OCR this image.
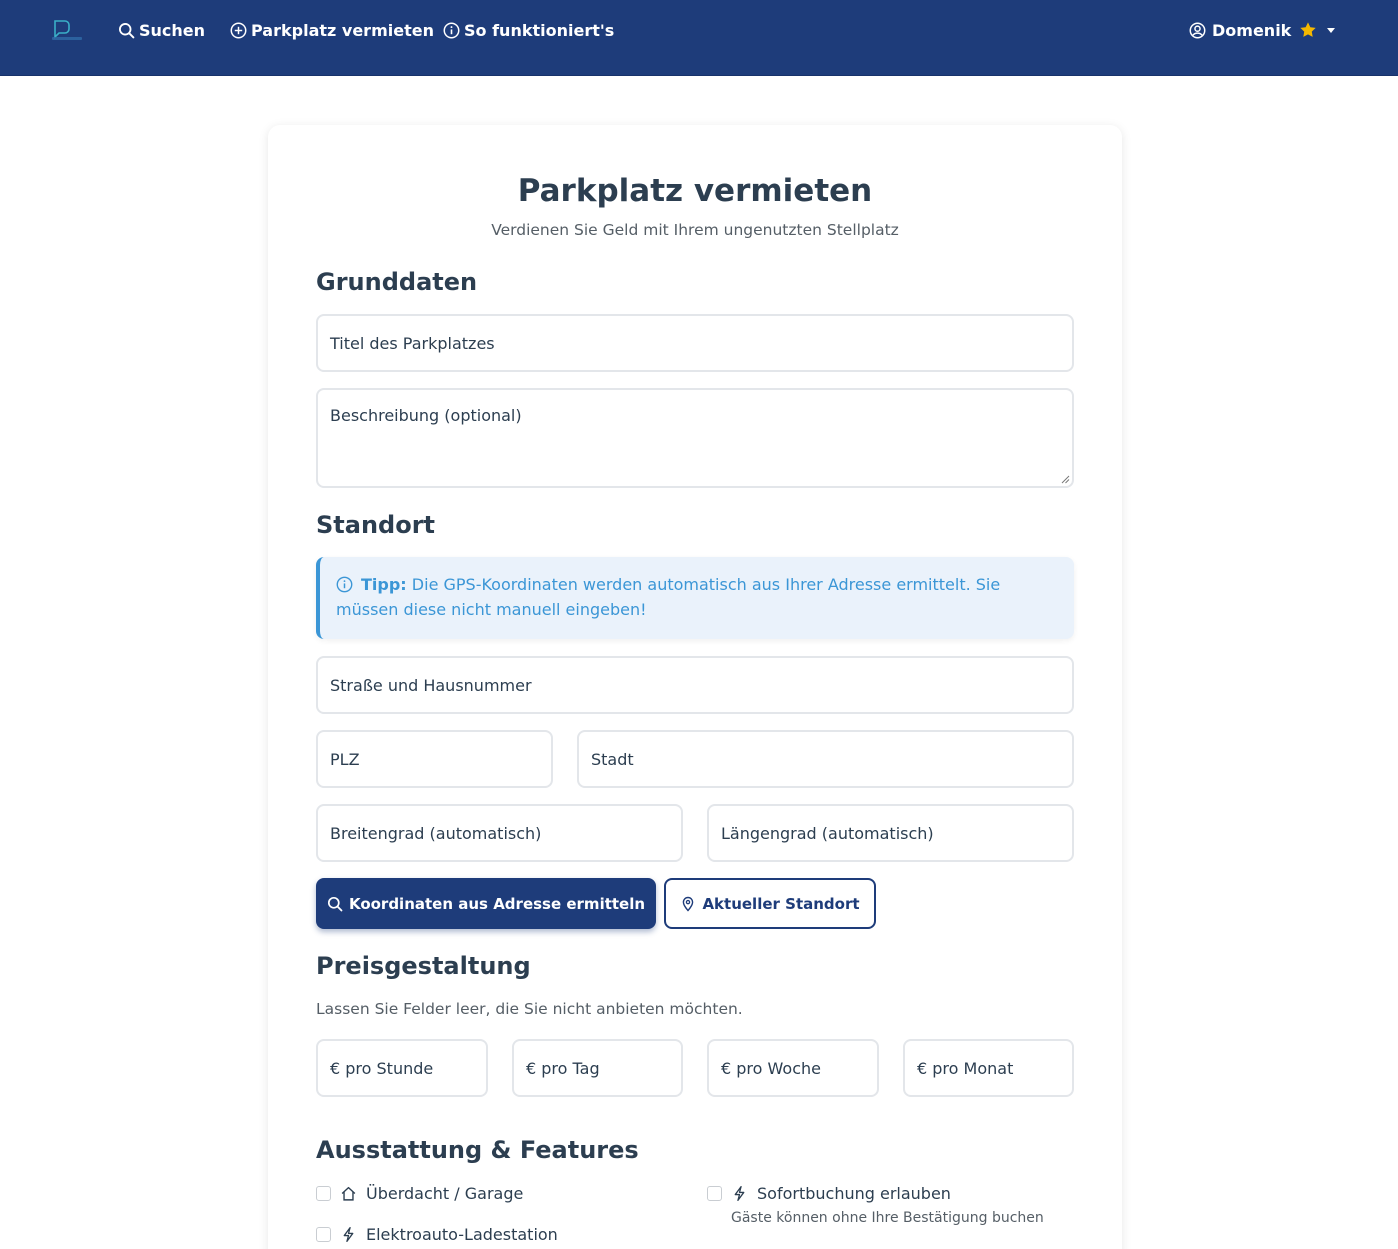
Suchen	Parkplatz vermieten So funktioniert's	Domenik
Parkplatz vermieten
Verdienen Sie Geld mit Ihrem ungenutzten Stellplatz
Grunddaten
Titel des Parkplatzes
Beschreibung (optional)
Standort
Tipp: Die GPS-Koordinaten werden automatisch aus Ihrer Adresse ermittelt. Sie müssen diese nicht manuell eingeben!
Straße und Hausnummer
PLZ	Stadt
Breitengrad (automatisch)	Längengrad (automatisch)
Koordinaten aus Adresse ermitteln	Aktueller Standort
Preisgestaltung
Lassen Sie Felder leer, die Sie nicht anbieten möchten.
€ pro Stunde	€ pro Tag	€ pro Woche	€ pro Monat
Ausstattung & Features
Überdacht / Garage	Sofortbuchung erlauben
Gäste können ohne Ihre Bestätigung buchen
Elektroauto-Ladestation
